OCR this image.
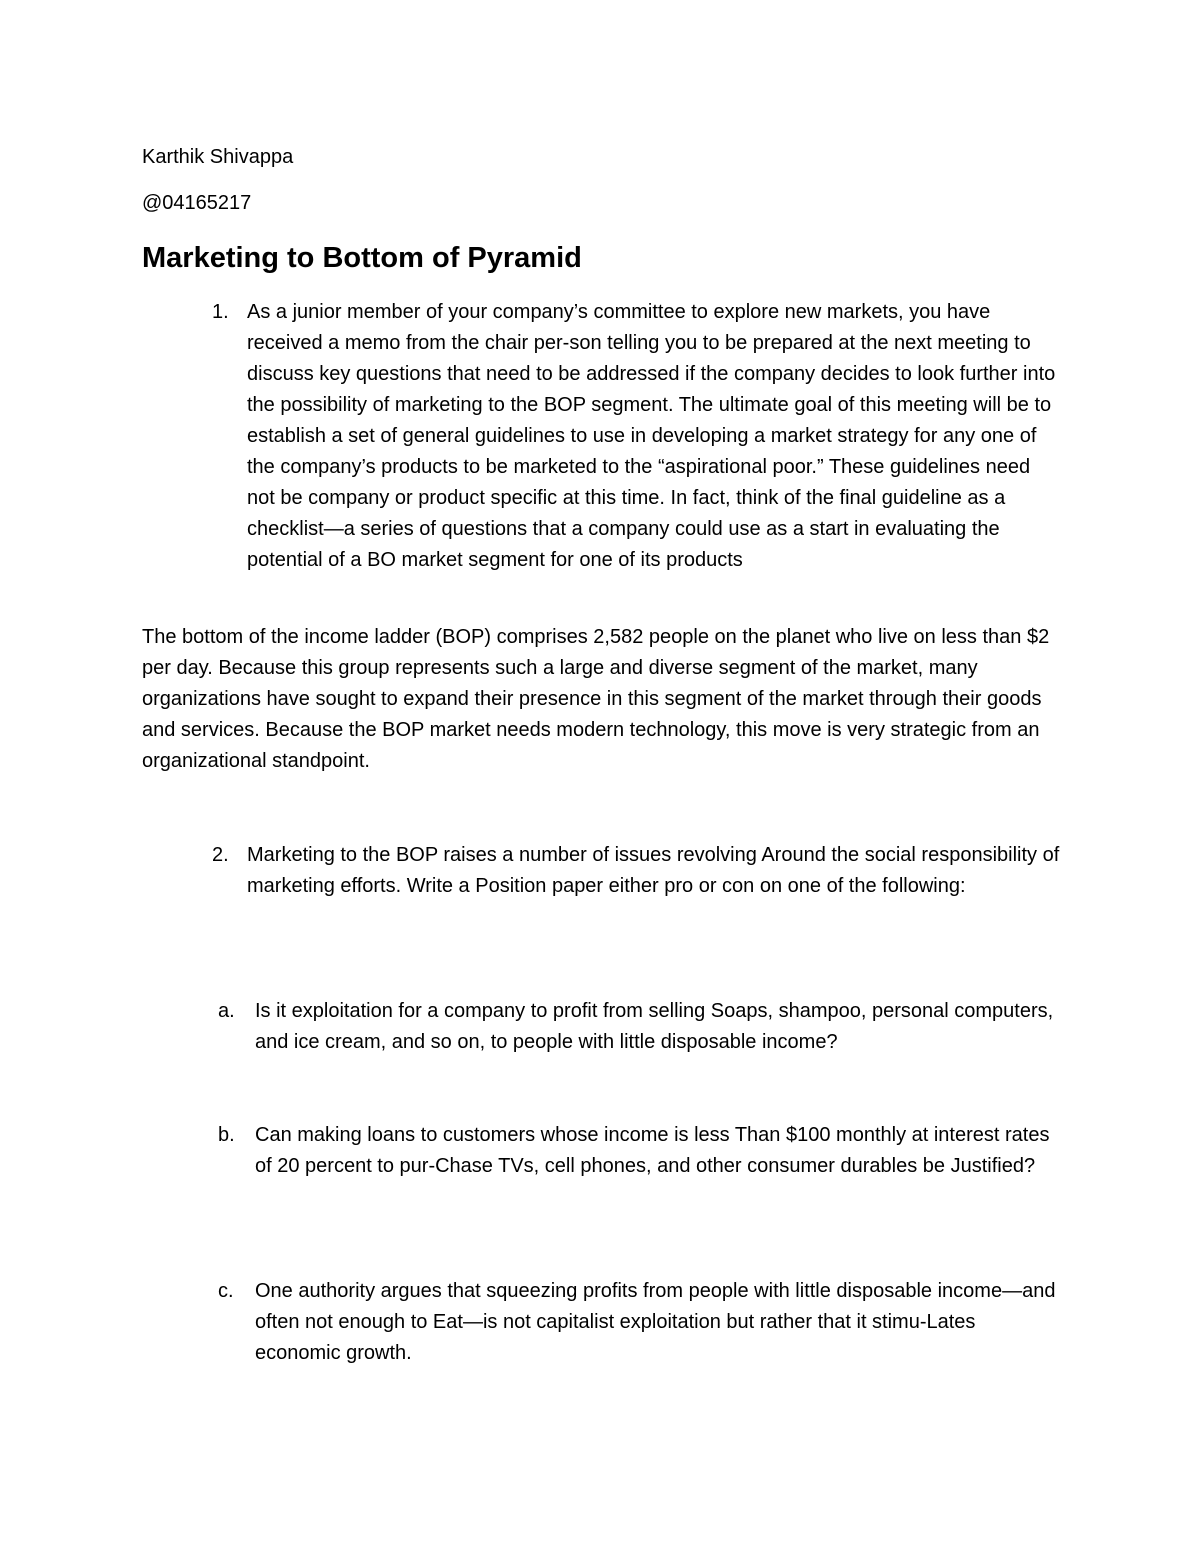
Karthik Shivappa
@04165217
Marketing to Bottom of Pyramid
1. As a junior member of your company’s committee to explore new markets, you have received a memo from the chair per-son telling you to be prepared at the next meeting to discuss key questions that need to be addressed if the company decides to look further into the possibility of marketing to the BOP segment. The ultimate goal of this meeting will be to establish a set of general guidelines to use in developing a market strategy for any one of the company’s products to be marketed to the “aspirational poor.” These guidelines need not be company or product specific at this time. In fact, think of the final guideline as a checklist—a series of questions that a company could use as a start in evaluating the potential of a BO market segment for one of its products

The bottom of the income ladder (BOP) comprises 2,582 people on the planet who live on less than $2 per day. Because this group represents such a large and diverse segment of the market, many organizations have sought to expand their presence in this segment of the market through their goods and services. Because the BOP market needs modern technology, this move is very strategic from an organizational standpoint.

2. Marketing to the BOP raises a number of issues revolving Around the social responsibility of marketing efforts. Write a Position paper either pro or con on one of the following:

a. Is it exploitation for a company to profit from selling Soaps, shampoo, personal computers, and ice cream, and so on, to people with little disposable income?

b. Can making loans to customers whose income is less Than $100 monthly at interest rates of 20 percent to pur-Chase TVs, cell phones, and other consumer durables be Justified?

c. One authority argues that squeezing profits from people with little disposable income—and often not enough to Eat—is not capitalist exploitation but rather that it stimu-Lates economic growth.
